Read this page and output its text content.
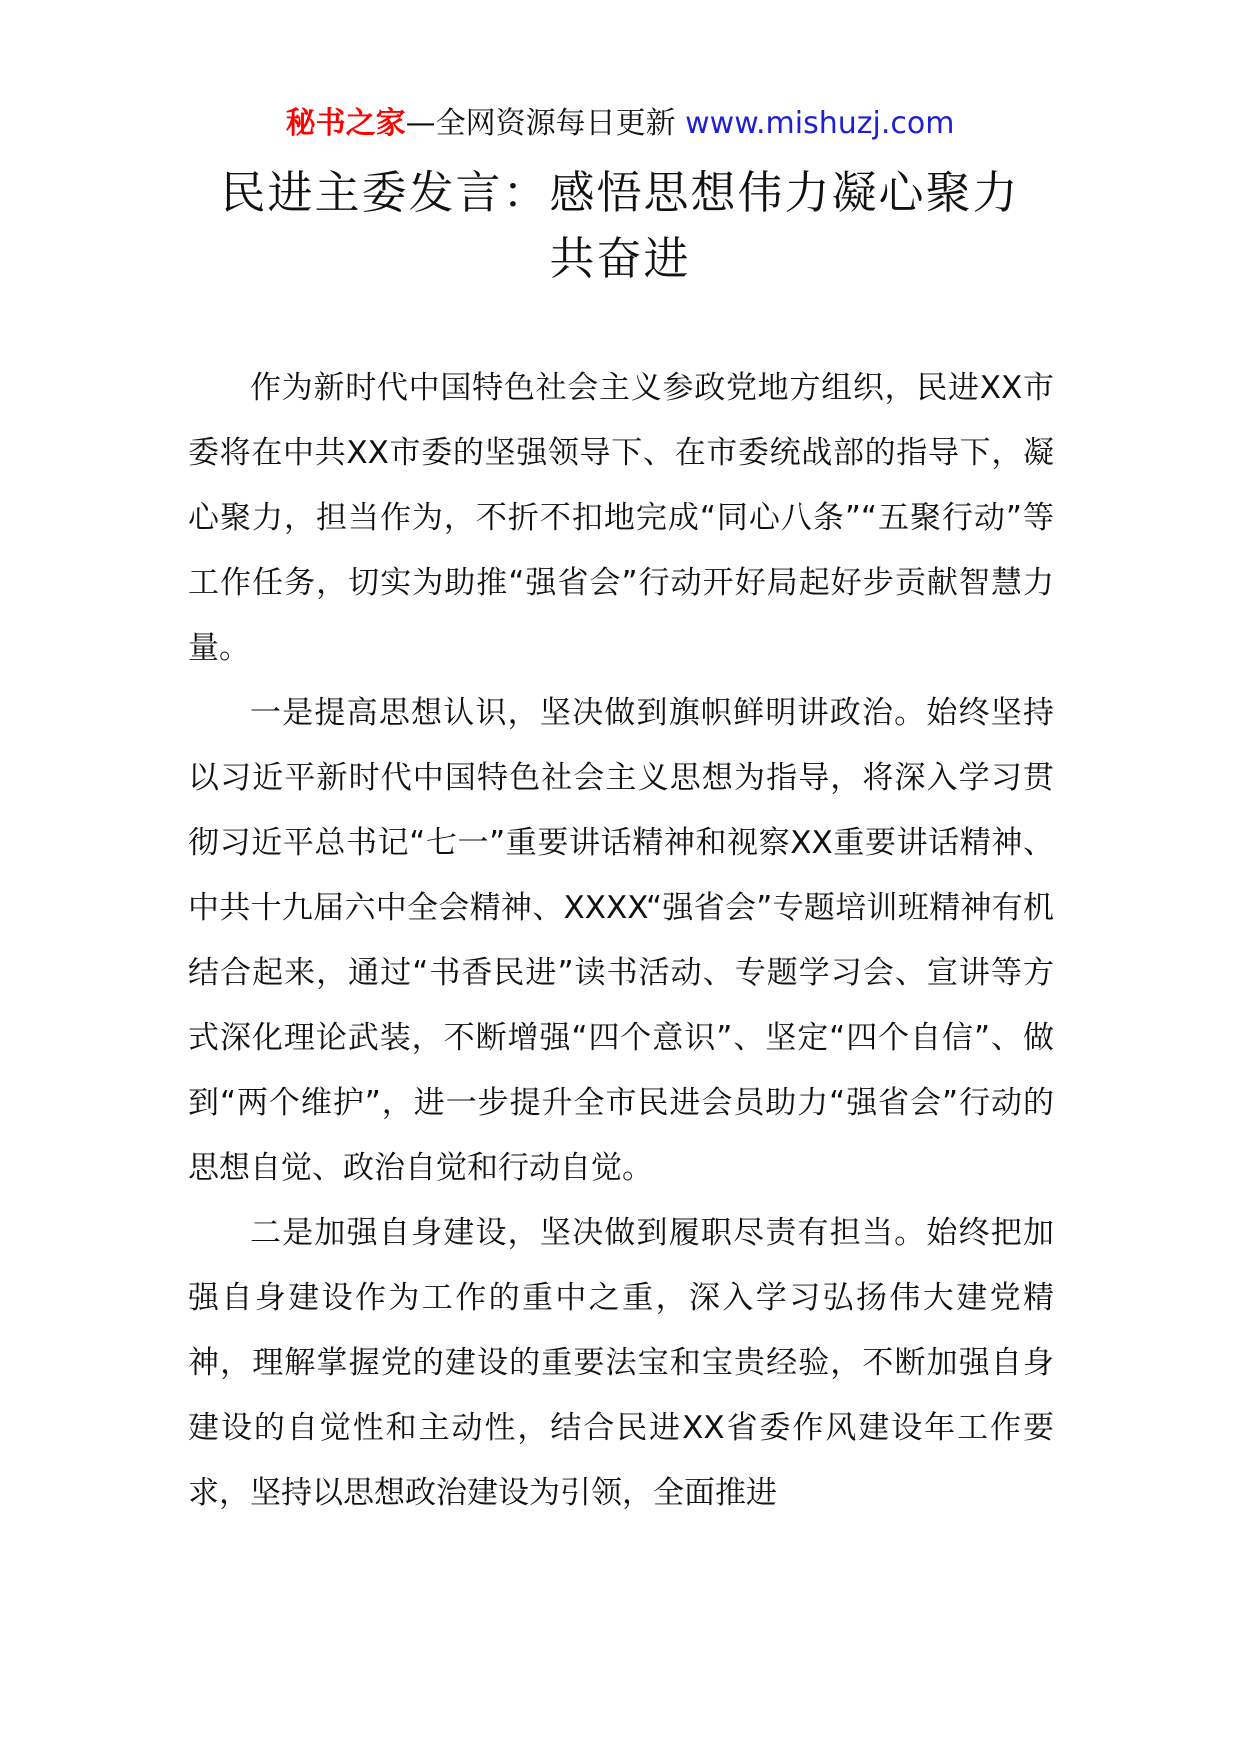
秘书之家—全网资源每日更新 www.mishuzj.com
民进主委发言：感悟思想伟力凝心聚力
共奋进

作为新时代中国特色社会主义参政党地方组织，民进XX市委将在中共XX市委的坚强领导下、在市委统战部的指导下，凝心聚力，担当作为，不折不扣地完成“同心八条”“五聚行动”等工作任务，切实为助推“强省会”行动开好局起好步贡献智慧力量。

一是提高思想认识，坚决做到旗帜鲜明讲政治。始终坚持以习近平新时代中国特色社会主义思想为指导，将深入学习贯彻习近平总书记“七一”重要讲话精神和视察XX重要讲话精神、中共十九届六中全会精神、XXXX“强省会”专题培训班精神有机结合起来，通过“书香民进”读书活动、专题学习会、宣讲等方式深化理论武装，不断增强“四个意识”、坚定“四个自信”、做到“两个维护”，进一步提升全市民进会员助力“强省会”行动的思想自觉、政治自觉和行动自觉。

二是加强自身建设，坚决做到履职尽责有担当。始终把加强自身建设作为工作的重中之重，深入学习弘扬伟大建党精神，理解掌握党的建设的重要法宝和宝贵经验，不断加强自身建设的自觉性和主动性，结合民进XX省委作风建设年工作要求，坚持以思想政治建设为引领，全面推进
